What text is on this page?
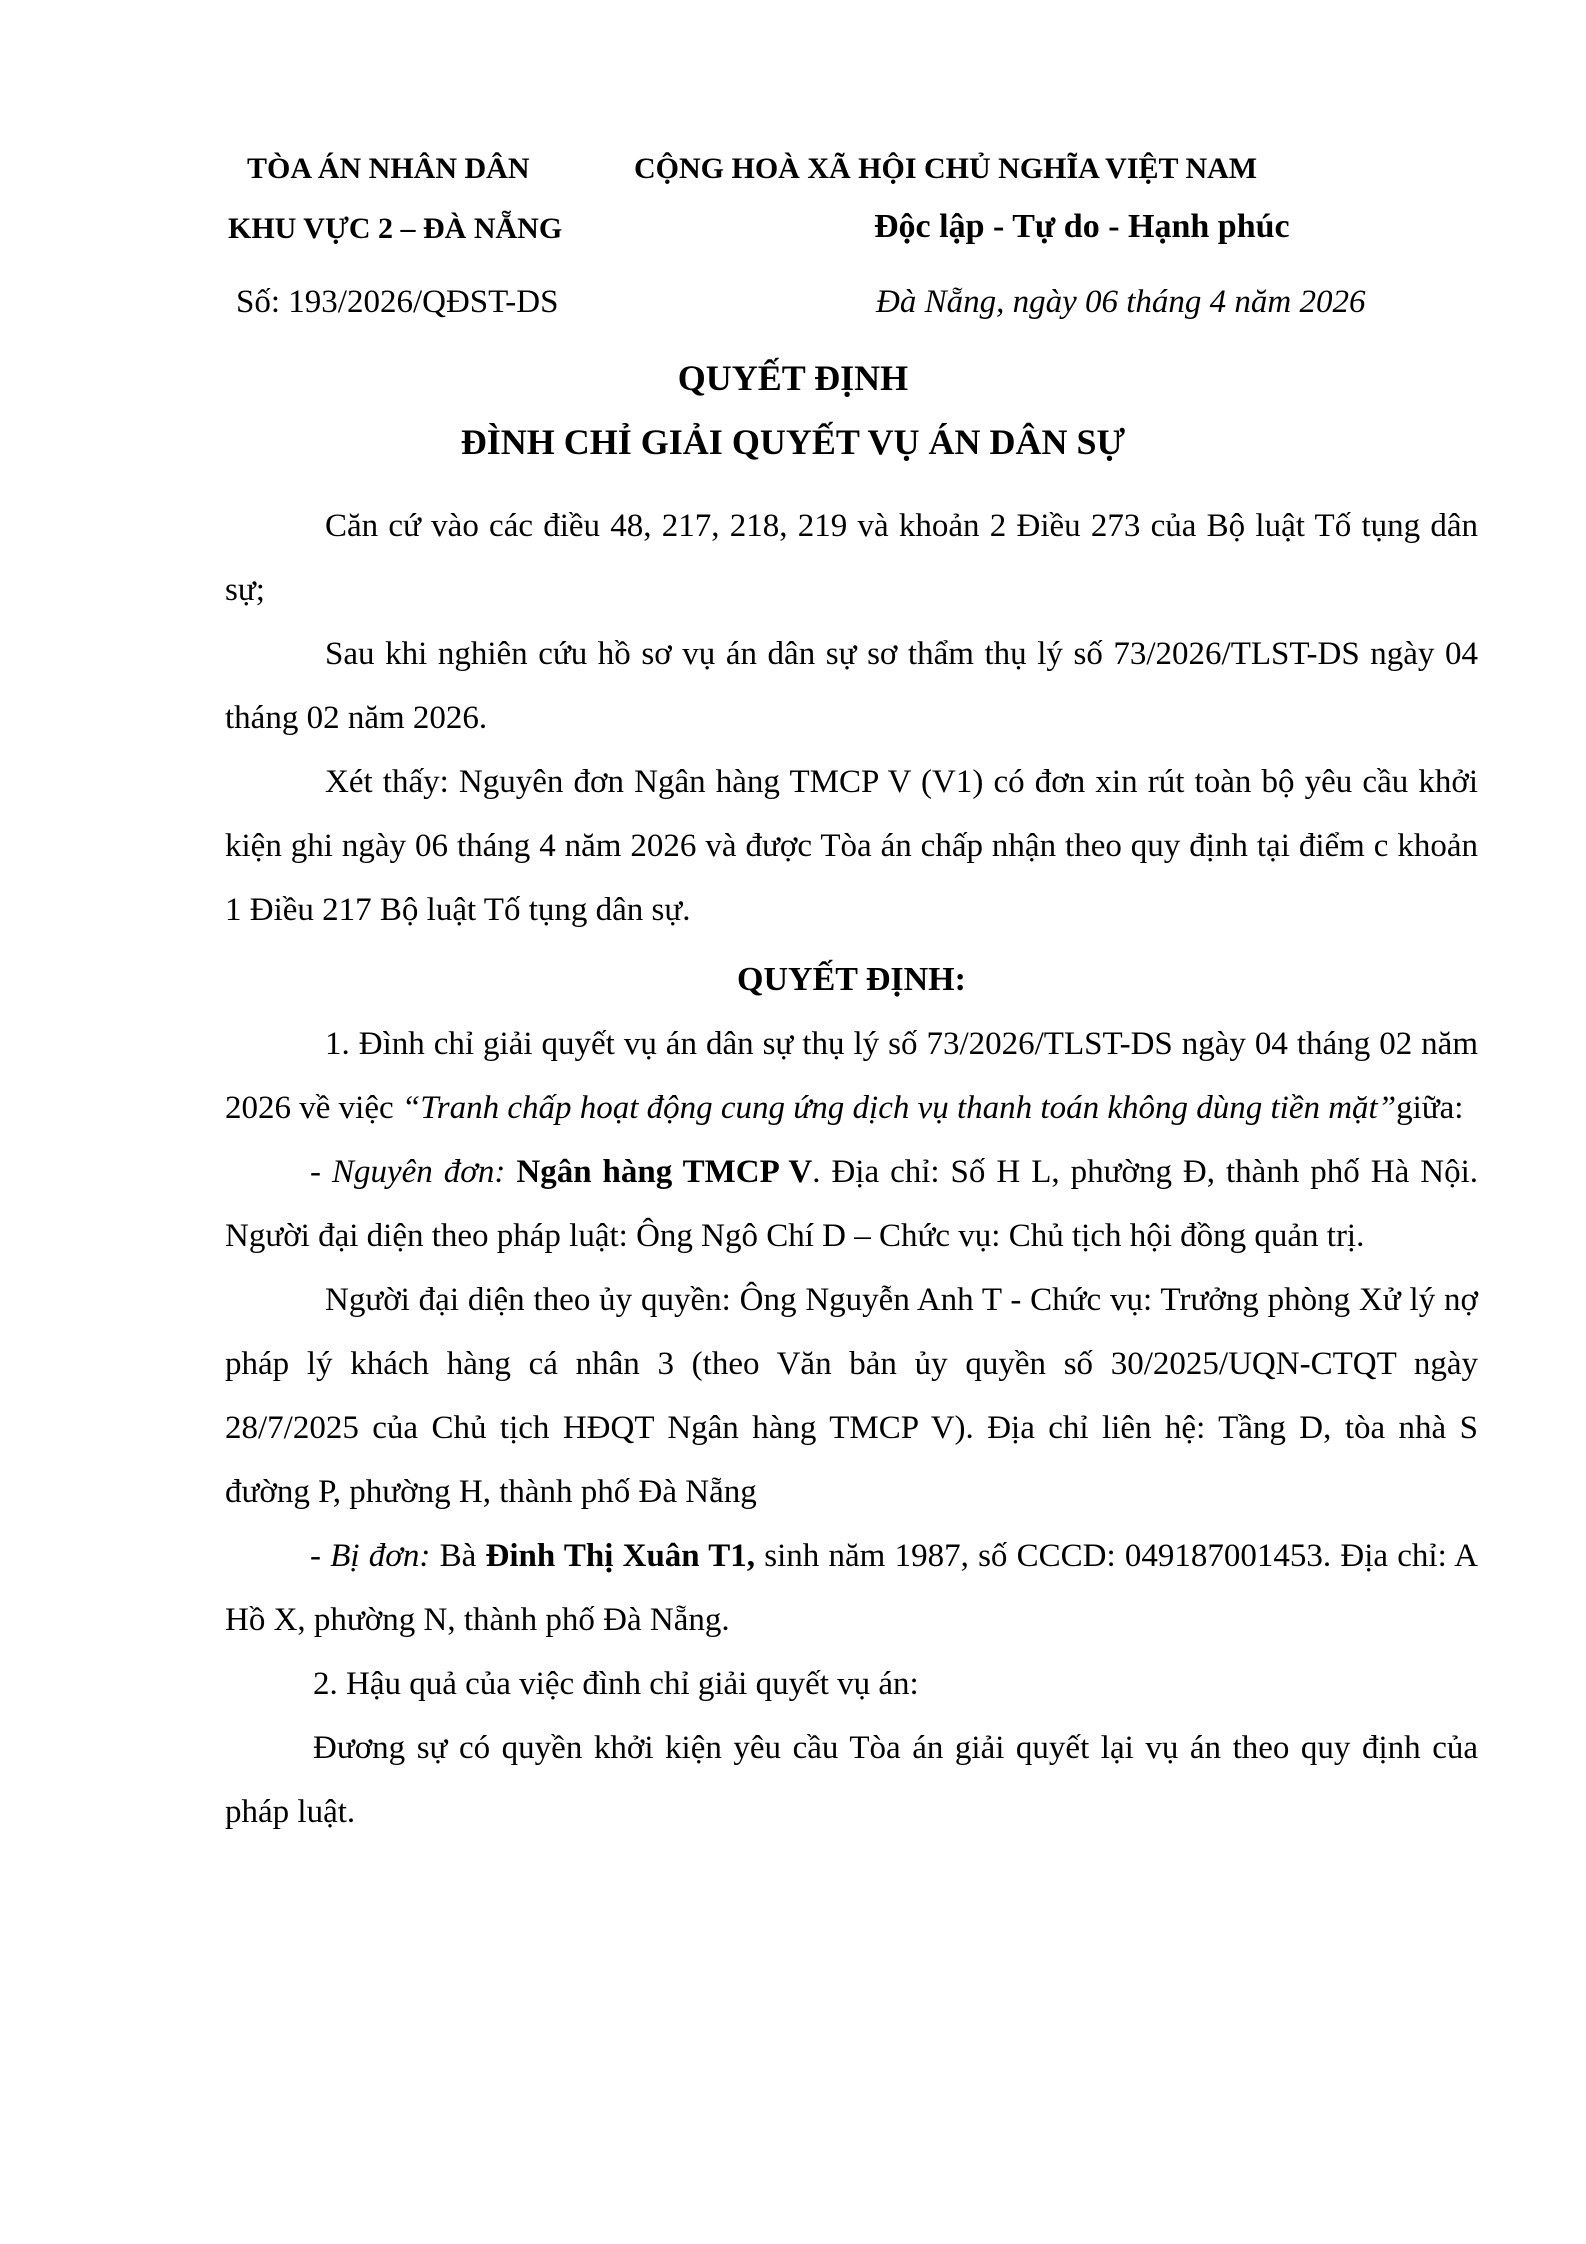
TÒA ÁN NHÂN DÂN	CỘNG HOÀ XÃ HỘI CHỦ NGHĨA VIỆT NAM
KHU VỰC 2 – ĐÀ NẴNG	Độc lập - Tự do - Hạnh phúc
Số: 193/2026/QĐST-DS	Đà Nẵng, ngày 06 tháng 4 năm 2026
QUYẾT ĐỊNH
ĐÌNH CHỈ GIẢI QUYẾT VỤ ÁN DÂN SỰ

Căn cứ vào các điều 48, 217, 218, 219 và khoản 2 Điều 273 của Bộ luật Tố tụng dân sự;

Sau khi nghiên cứu hồ sơ vụ án dân sự sơ thẩm thụ lý số 73/2026/TLST-DS ngày 04 tháng 02 năm 2026.

Xét thấy: Nguyên đơn Ngân hàng TMCP V (V1) có đơn xin rút toàn bộ yêu cầu khởi kiện ghi ngày 06 tháng 4 năm 2026 và được Tòa án chấp nhận theo quy định tại điểm c khoản 1 Điều 217 Bộ luật Tố tụng dân sự.

QUYẾT ĐỊNH:

1. Đình chỉ giải quyết vụ án dân sự thụ lý số 73/2026/TLST-DS ngày 04 tháng 02 năm 2026 về việc “Tranh chấp hoạt động cung ứng dịch vụ thanh toán không dùng tiền mặt”giữa:

- Nguyên đơn: Ngân hàng TMCP V. Địa chỉ: Số H L, phường Đ, thành phố Hà Nội. Người đại diện theo pháp luật: Ông Ngô Chí D – Chức vụ: Chủ tịch hội đồng quản trị.

Người đại diện theo ủy quyền: Ông Nguyễn Anh T - Chức vụ: Trưởng phòng Xử lý nợ pháp lý khách hàng cá nhân 3 (theo Văn bản ủy quyền số 30/2025/UQN-CTQT ngày 28/7/2025 của Chủ tịch HĐQT Ngân hàng TMCP V). Địa chỉ liên hệ: Tầng D, tòa nhà S đường P, phường H, thành phố Đà Nẵng

- Bị đơn: Bà Đinh Thị Xuân T1, sinh năm 1987, số CCCD: 049187001453. Địa chỉ: A Hồ X, phường N, thành phố Đà Nẵng.

2. Hậu quả của việc đình chỉ giải quyết vụ án:

Đương sự có quyền khởi kiện yêu cầu Tòa án giải quyết lại vụ án theo quy định của pháp luật.
